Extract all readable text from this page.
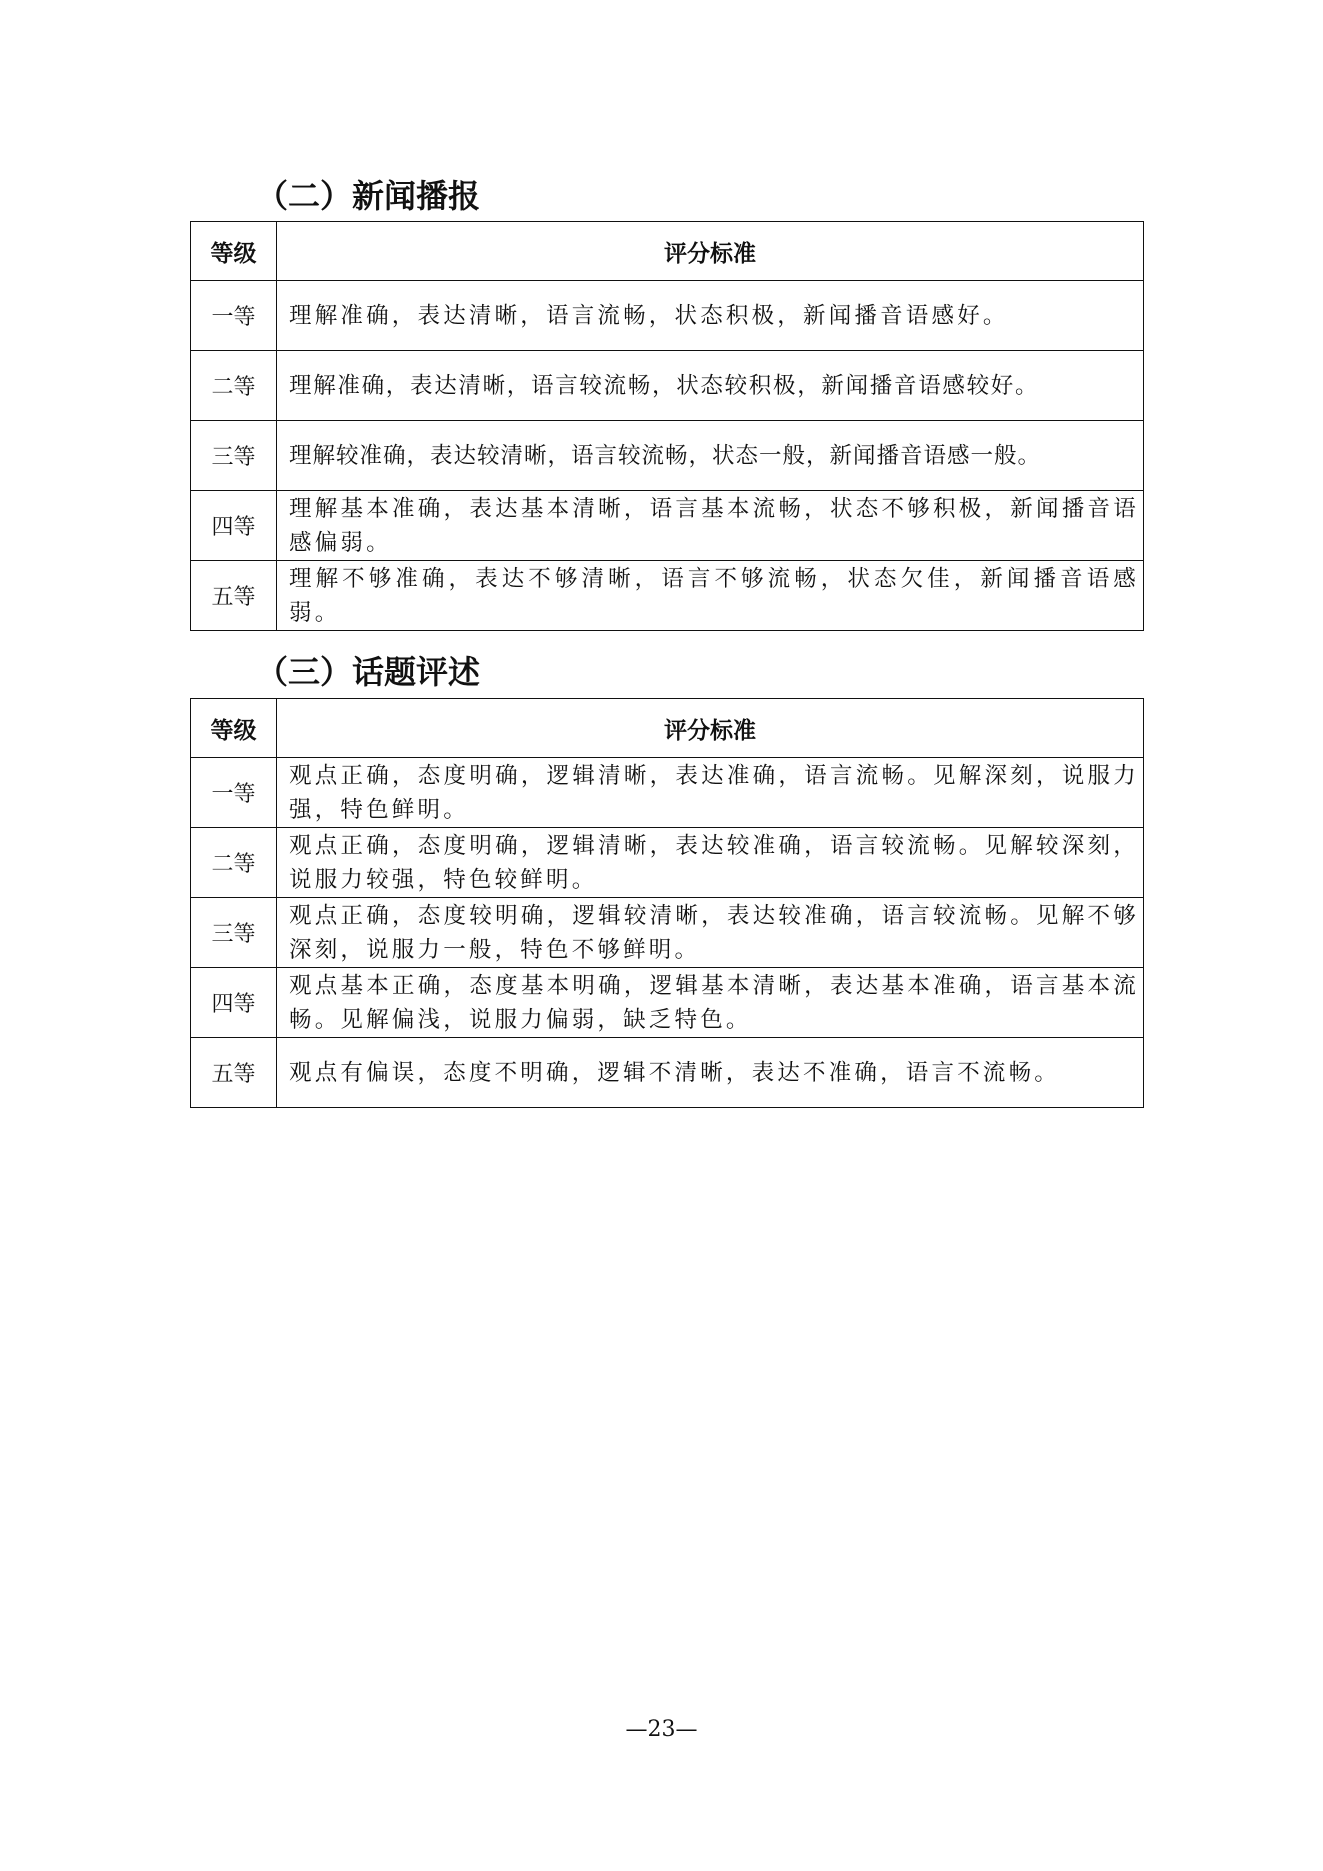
（二）新闻播报
等级	评分标准
一等	理解准确，表达清晰，语言流畅，状态积极，新闻播音语感好。
二等	理解准确，表达清晰，语言较流畅，状态较积极，新闻播音语感较好。
三等	理解较准确，表达较清晰，语言较流畅，状态一般，新闻播音语感一般。
四等	理解基本准确，表达基本清晰，语言基本流畅，状态不够积极，新闻播音语感偏弱。
五等	理解不够准确，表达不够清晰，语言不够流畅，状态欠佳，新闻播音语感弱。
（三）话题评述
等级	评分标准
一等	观点正确，态度明确，逻辑清晰，表达准确，语言流畅。见解深刻，说服力强，特色鲜明。
二等	观点正确，态度明确，逻辑清晰，表达较准确，语言较流畅。见解较深刻，说服力较强，特色较鲜明。
三等	观点正确，态度较明确，逻辑较清晰，表达较准确，语言较流畅。见解不够深刻，说服力一般，特色不够鲜明。
四等	观点基本正确，态度基本明确，逻辑基本清晰，表达基本准确，语言基本流畅。见解偏浅，说服力偏弱，缺乏特色。
五等	观点有偏误，态度不明确，逻辑不清晰，表达不准确，语言不流畅。
—23—
